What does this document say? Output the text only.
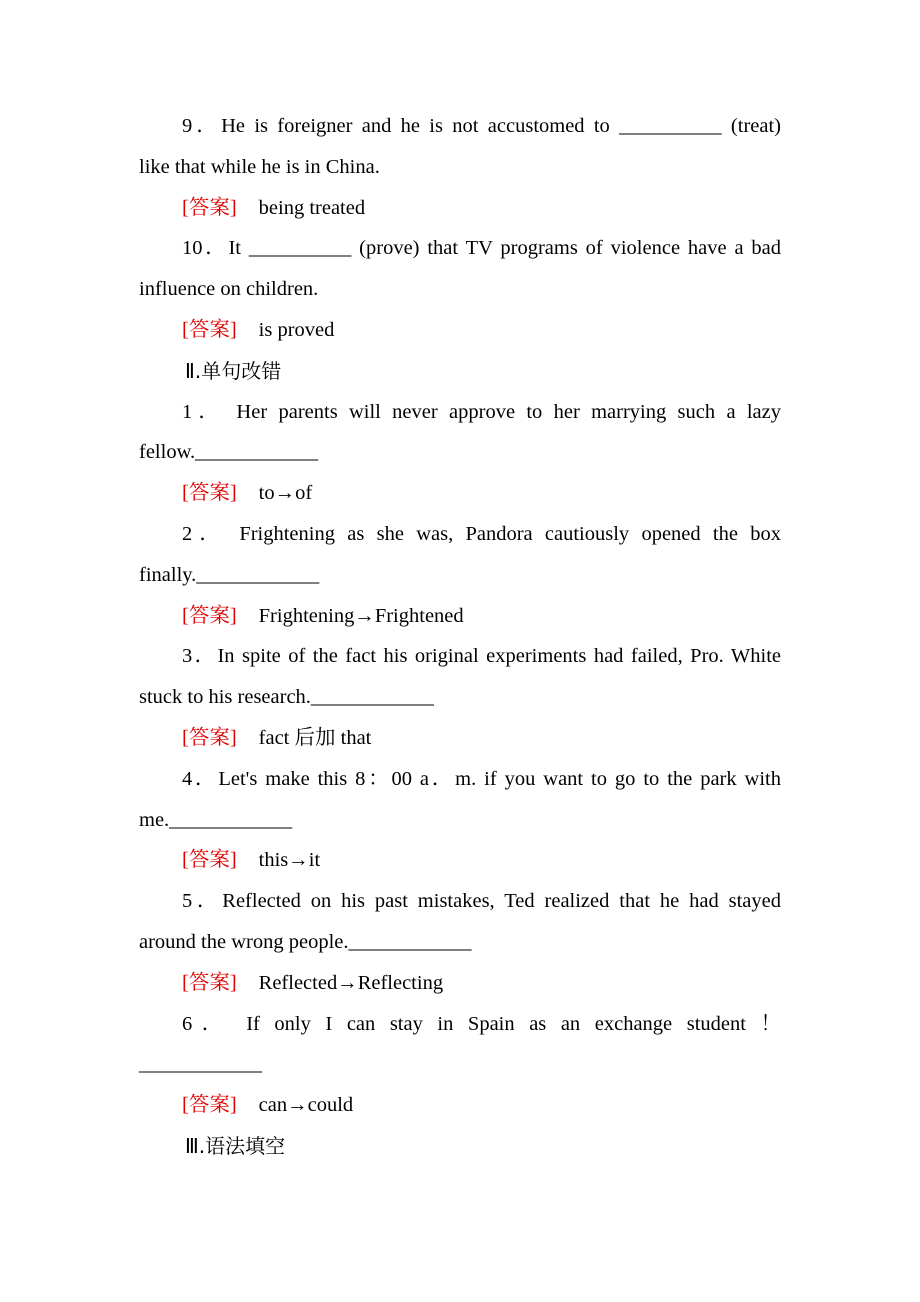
9．He is foreigner and he is not accustomed to __________ (treat)
like that while he is in China.
[答案] being treated
10．It __________ (prove) that TV programs of violence have a bad
influence on children.
[答案] is proved
Ⅱ.单句改错
1． Her parents will never approve to her marrying such a lazy
fellow.____________
[答案] to→of
2． Frightening as she was, Pandora cautiously opened the box
finally.____________
[答案] Frightening→Frightened
3．In spite of the fact his original experiments had failed, Pro. White
stuck to his research.____________
[答案] fact 后加 that
4．Let's make this 8：00 a．m. if you want to go to the park with
me.____________
[答案] this→it
5．Reflected on his past mistakes, Ted realized that he had stayed
around the wrong people.____________
[答案] Reflected→Reflecting
6． If only I can stay in Spain as an exchange student ！
____________
[答案] can→could
Ⅲ.语法填空
